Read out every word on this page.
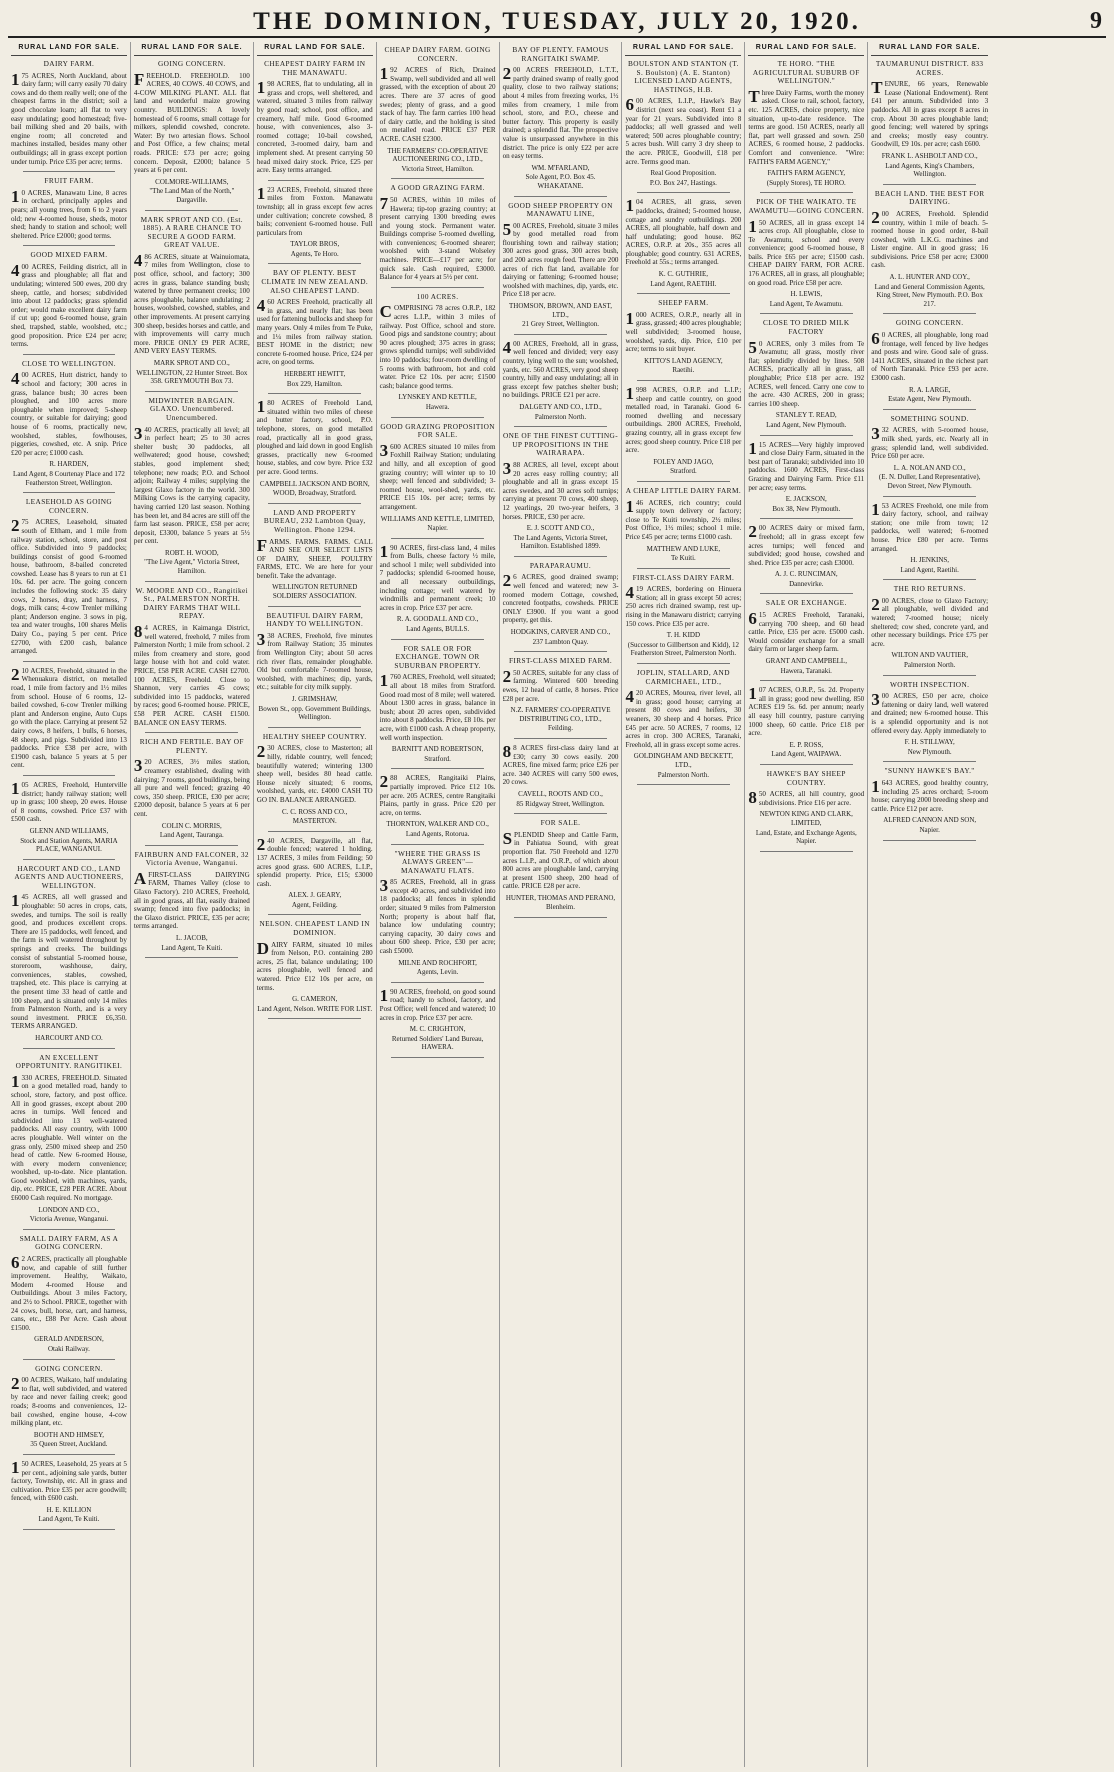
THE DOMINION, TUESDAY, JULY 20, 1920.	9
RURAL LAND FOR SALE.
DAIRY FARM.
175 ACRES, North Auckland, about dairy farm; will carry easily 70 dairy cows and do them really well; one of the cheapest farms in the district; soil a good chocolate loam; all flat to very easy undulating; good homestead; five-bail milking shed and 20 bails, with engine room; all concreted and machines installed, besides many other outbuildings; all in grass except portion under turnip. Price £35 per acre; terms.
FRUIT FARM.
10 ACRES, Manawatu Line, 8 acres in orchard, principally apples and pears; all young trees, from 6 to 2 years old; new 4-roomed house, sheds, motor shed; handy to station and school; well sheltered. Price £2000; good terms.
GOOD MIXED FARM.
400 ACRES, Feilding district, all in grass and ploughable; all flat and undulating; wintered 500 ewes, 200 dry sheep, cattle, and horses; subdivided into about 12 paddocks; grass splendid order; would make excellent dairy farm if cut up; good 6-roomed house, grain shed, trapshed, stable, woolshed, etc.; good proposition. Price £24 per acre; terms.
CLOSE TO WELLINGTON.
400 ACRES, Hutt district, handy to school and factory; 300 acres in grass, balance bush; 30 acres been ploughed, and 100 acres more ploughable when improved; 5-sheep country, or suitable for dairying; good house of 6 rooms, practically new, woolshed, stables, fowlhouses, piggeries, cowshed, etc. A snip. Price £20 per acre; £1000 cash.
R. HARDEN,
Land Agent, 8 Courtenay Place and 172 Featherston Street, Wellington.
LEASEHOLD AS GOING CONCERN.
275 ACRES, Leasehold, situated south of Eltham, and 1 mile from railway station, school, store, and post office. Subdivided into 9 paddocks; buildings consist of good 6-roomed house, bathroom, 8-bailed concreted cowshed. Lease has 8 years to run at £1 10s. 6d. per acre. The going concern includes the following stock: 35 dairy cows, 2 horses, dray, and harness, 7 dogs, milk cans; 4-cow Trenler milking plant; Anderson engine. 3 sows in pig, tea and water troughs, 100 shares Melis Dairy Co., paying 5 per cent. Price £2700, with £200 cash, balance arranged.
210 ACRES, Freehold, situated in the Whenuakura district, on metalled road, 1 mile from factory and 1½ miles from school. House of 6 rooms, 12-bailed cowshed, 6-cow Trenler milking plant and Anderson engine, Auto Cups go with the place. Carrying at present 52 dairy cows, 8 heifers, 1 bulls, 6 horses, 48 sheep, and pigs. Subdivided into 13 paddocks. Price £38 per acre, with £1900 cash, balance 5 years at 5 per cent.
105 ACRES, Freehold, Hunterville district; handy railway station; well up in grass; 100 sheep, 20 ewes. House of 8 rooms, cowshed. Price £37 with £500 cash.
GLENN AND WILLIAMS,
Stock and Station Agents, MARIA PLACE, WANGANUI.
HARCOURT AND CO., LAND AGENTS AND AUCTIONEERS, WELLINGTON.
145 ACRES, all well grassed and ploughable: 50 acres in crops, cats, swedes, and turnips. The soil is really good, and produces excellent crops. There are 15 paddocks, well fenced, and the farm is well watered throughout by springs and creeks. The buildings consist of substantial 5-roomed house, storeroom, washhouse, dairy, conveniences, stables, cowshed, trapshed, etc. This place is carrying at the present time 33 head of cattle and 100 sheep, and is situated only 14 miles from Palmerston North, and is a very sound investment. PRICE £6,350. TERMS ARRANGED.
HARCOURT AND CO.
AN EXCELLENT OPPORTUNITY. RANGITIKEI.
1330 ACRES, FREEHOLD. Situated on a good metalled road, handy to school, store, factory, and post office. All in good grasses, except about 200 acres in turnips. Well fenced and subdivided into 13 well-watered paddocks. All easy country, with 1000 acres ploughable. Well winter on the grass only, 2500 mixed sheep and 250 head of cattle. New 6-roomed House, with every modern convenience; woolshed, up-to-date. Nice plantation. Good woolshed, with machines, yards, dip, etc. PRICE, £28 PER ACRE. About £6000 Cash required. No mortgage.
LONDON AND CO.,
Victoria Avenue, Wanganui.
SMALL DAIRY FARM, AS A GOING CONCERN.
62 ACRES, practically all ploughable now, and capable of still further improvement. Healthy, Waikato, Modern 4-roomed House and Outbuildings. About 3 miles Factory, and 2½ to School. PRICE, together with 24 cows, bull, horse, cart, and harness, cans, etc., £88 Per Acre. Cash about £1500.
GERALD ANDERSON,
Otaki Railway.
GOING CONCERN.
200 ACRES, Waikato, half undulating to flat, well subdivided, and watered by race and never failing creek; good roads; 8-rooms and conveniences, 12-bail cowshed, engine house, 4-cow milking plant, etc.
BOOTH AND HIMSEY,
35 Queen Street, Auckland.
150 ACRES, Leasehold, 25 years at 5 per cent., adjoining sale yards, butter factory, Township, etc. All in grass and cultivation. Price £35 per acre goodwill; fenced, with £600 cash.
H. E. KILLION
Land Agent, Te Kuiti.
RURAL LAND FOR SALE.
GOING CONCERN.
FREEHOLD. FREEHOLD. 100 ACRES, 40 COWS. 40 COWS, and 4-COW MILKING PLANT. ALL flat land and wonderful maize growing country. BUILDINGS: A lovely homestead of 6 rooms, small cottage for milkers, splendid cowshed, concrete. Water: By two artesian flows. School and Post Office, a few chains; metal roads. PRICE: £73 per acre; going concern. Deposit, £2000; balance 5 years at 6 per cent.
COLMORE-WILLIAMS,
"The Land Man of the North," Dargaville.
MARK SPROT AND CO. (Est. 1885). A RARE CHANCE TO SECURE A GOOD FARM. GREAT VALUE.
486 ACRES, situate at Wainuiomata, 7 miles from Wellington, close to post office, school, and factory; 300 acres in grass, balance standing bush; watered by three permanent creeks; 100 acres ploughable, balance undulating; 2 houses, woolshed, cowshed, stables, and other improvements. At present carrying 300 sheep, besides horses and cattle, and with improvements will carry much more. PRICE ONLY £9 PER ACRE, AND VERY EASY TERMS.
MARK SPROT AND CO.,
WELLINGTON, 22 Hunter Street. Box 358. GREYMOUTH Box 73.
MIDWINTER BARGAIN. GLAXO. Unencumbered. Unencumbered.
340 ACRES, practically all level; all in perfect heart; 25 to 30 acres shelter bush; 30 paddocks, all wellwatered; good house, cowshed; stables, good implement shed; telephone; new roads; P.O. and School adjoin; Railway 4 miles; supplying the largest Glaxo factory in the world. 300 Milking Cows is the carrying capacity, having carried 120 last season. Nothing has been let, and 84 acres are still off the farm last season. PRICE, £58 per acre; deposit, £3300, balance 5 years at 5½ per cent.
ROBT. H. WOOD,
"The Live Agent," Victoria Street, Hamilton.
W. MOORE AND CO., Rangitikei St., PALMERSTON NORTH. DAIRY FARMS THAT WILL REPAY.
84 ACRES, in Kaimanga District, well watered, freehold, 7 miles from Palmerston North; 1 mile from school. 2 miles from creamery and store, good large house with hot and cold water. PRICE, £58 PER ACRE. CASH £2700. 100 ACRES, Freehold. Close to Shannon, very carries 45 cows; subdivided into 15 paddocks, watered by races; good 6-roomed house. PRICE, £58 PER ACRE. CASH £1500. BALANCE ON EASY TERMS.
RICH AND FERTILE. BAY OF PLENTY.
320 ACRES, 3½ miles station, creamery established, dealing with dairying; 7 rooms, good buildings, being all pure and well fenced; grazing 40 cows, 350 sheep. PRICE, £30 per acre; £2000 deposit, balance 5 years at 6 per cent.
COLIN C. MORRIS,
Land Agent, Tauranga.
FAIRBURN AND FALCONER, 32 Victoria Avenue, Wanganui.
AFIRST-CLASS DAIRYING FARM, Thames Valley (close to Glaxo Factory). 210 ACRES, Freehold, all in good grass, all flat, easily drained swamp; fenced into five paddocks; in the Glaxo district. PRICE, £35 per acre; terms arranged.
L. JACOB,
Land Agent, Te Kuiti.
RURAL LAND FOR SALE.
CHEAPEST DAIRY FARM IN THE MANAWATU.
198 ACRES, flat to undulating, all in grass and crops, well sheltered, and watered, situated 3 miles from railway by good road; school, post office, and creamery, half mile. Good 6-roomed house, with conveniences, also 3-roomed cottage; 10-bail cowshed, concreted, 3-roomed dairy, barn and implement shed. At present carrying 50 head mixed dairy stock. Price, £25 per acre. Easy terms arranged.
123 ACRES, Freehold, situated three miles from Foxton. Manawatu township; all in grass except few acres under cultivation; concrete cowshed, 8 bails; convenient 6-roomed house. Full particulars from
TAYLOR BROS,
Agents, Te Horo.
BAY OF PLENTY. BEST CLIMATE IN NEW ZEALAND. ALSO CHEAPEST LAND.
460 ACRES Freehold, practically all in grass, and nearly flat; has been used for fattening bullocks and sheep for many years. Only 4 miles from Te Puke, and 1¼ miles from railway station. BEST HOME in the district; new concrete 6-roomed house. Price, £24 per acre, on good terms.
HERBERT HEWITT,
Box 229, Hamilton.
180 ACRES of Freehold Land, situated within two miles of cheese and butter factory, school, P.O. telephone, stores, on good metalled road, practically all in good grass, ploughed and laid down in good English grasses, practically new 6-roomed house, stables, and cow byre. Price £32 per acre. Good terms.
CAMPBELL JACKSON AND BORN,
WOOD, Broadway, Stratford.
LAND AND PROPERTY BUREAU, 232 Lambton Quay, Wellington. Phone 1294.
FARMS. FARMS. FARMS. CALL AND SEE OUR SELECT LISTS OF DAIRY, SHEEP, POULTRY FARMS, ETC. We are here for your benefit. Take the advantage.
WELLINGTON RETURNED SOLDIERS' ASSOCIATION.
BEAUTIFUL DAIRY FARM, HANDY TO WELLINGTON.
338 ACRES, Freehold, five minutes from Railway Station; 35 minutes from Wellington City; about 50 acres rich river flats, remainder ploughable. Old but comfortable 7-roomed house, woolshed, with machines; dip, yards, etc.; suitable for city milk supply.
J. GRIMSHAW,
Bowen St., opp. Government Buildings, Wellington.
HEALTHY SHEEP COUNTRY.
230 ACRES, close to Masterton; all hilly, ridable country, well fenced; beautifully watered; wintering 1300 sheep well, besides 80 head cattle. House nicely situated; 6 rooms, woolshed, yards, etc. £4000 CASH TO GO IN. BALANCE ARRANGED.
C. C. ROSS AND CO.,
MASTERTON.
240 ACRES, Dargaville, all flat, double fenced; watered 1 holding. 137 ACRES, 3 miles from Feilding; 50 acres good grass. 600 ACRES, L.I.P., splendid property. Price, £15; £3000 cash.
ALEX. J. GEARY,
Agent, Feilding.
NELSON. CHEAPEST LAND IN DOMINION.
DAIRY FARM, situated 10 miles from Nelson, P.O. containing 280 acres, 25 flat, balance undulating; 100 acres ploughable, well fenced and watered. Price £12 10s per acre, on terms.
G. CAMERON,
Land Agent, Nelson. WRITE FOR LIST.
CHEAP DAIRY FARM. GOING CONCERN.
192 ACRES of Rich, Drained Swamp, well subdivided and all well grassed, with the exception of about 20 acres. There are 37 acres of good swedes; plenty of grass, and a good stack of hay. The farm carries 100 head of dairy cattle, and the holding is sited on metalled road. PRICE £37 PER ACRE. CASH £2300.
THE FARMERS' CO-OPERATIVE AUCTIONEERING CO., LTD.,
Victoria Street, Hamilton.
A GOOD GRAZING FARM.
750 ACRES, within 10 miles of Hawera; tip-top grazing country; at present carrying 1300 breeding ewes and young stock. Permanent water. Buildings comprise 5-roomed dwelling, with conveniences; 6-roomed shearer; woolshed with 3-stand Wolseley machines. PRICE—£17 per acre; for quick sale. Cash required, £3000. Balance for 4 years at 5½ per cent.
100 ACRES.
COMPRISING 78 acres O.R.P., 182 acres L.I.P., within 3 miles of railway. Post Office, school and store. Good pigs and sandstone country; about 90 acres ploughed; 375 acres in grass; grows splendid turnips; well subdivided into 10 paddocks; four-room dwelling of 5 rooms with bathroom, hot and cold water. Price £2 10s. per acre; £1500 cash; balance good terms.
LYNSKEY AND KETTLE,
Hawera.
GOOD GRAZING PROPOSITION FOR SALE.
3600 ACRES situated 10 miles from Foxhill Railway Station; undulating and hilly, and all exception of good grazing country; will winter up to 10 sheep; well fenced and subdivided; 3-roomed house, wool-shed, yards, etc. PRICE £15 10s. per acre; terms by arrangement.
WILLIAMS AND KETTLE, LIMITED,
Napier.
190 ACRES, first-class land, 4 miles from Bulls, cheese factory ½ mile, and school 1 mile; well subdivided into 7 paddocks; splendid 6-roomed house, and all necessary outbuildings, including cottage; well watered by windmills and permanent creek; 10 acres in crop. Price £37 per acre.
R. A. GOODALL AND CO.,
Land Agents, BULLS.
FOR SALE OR FOR EXCHANGE. TOWN OR SUBURBAN PROPERTY.
1760 ACRES, Freehold, well situated; all about 18 miles from Stratford. Good road most of 8 mile; well watered. About 1300 acres in grass, balance in bush; about 20 acres open, subdivided into about 8 paddocks. Price, £8 10s. per acre, with £1000 cash. A cheap property, well worth inspection.
BARNITT AND ROBERTSON,
Stratford.
288 ACRES, Rangitaiki Plains, partially improved. Price £12 10s. per acre. 205 ACRES, centre Rangitaiki Plains, partly in grass. Price £20 per acre, on terms.
THORNTON, WALKER AND CO.,
Land Agents, Rotorua.
"WHERE THE GRASS IS ALWAYS GREEN"—MANAWATU FLATS.
385 ACRES, Freehold, all in grass except 40 acres, and subdivided into 18 paddocks; all fences in splendid order; situated 9 miles from Palmerston North; property is about half flat, balance low undulating country; carrying capacity, 30 dairy cows and about 600 sheep. Price, £30 per acre; cash £5000.
MILNE AND ROCHFORT,
Agents, Levin.
190 ACRES, freehold, on good sound road; handy to school, factory, and Post Office; well fenced and watered; 10 acres in crop. Price £37 per acre.
M. C. CRIGHTON,
Returned Soldiers' Land Bureau, HAWERA.
BAY OF PLENTY. FAMOUS RANGITAIKI SWAMP.
200 ACRES FREEHOLD, L.T.T., partly drained swamp of really good quality, close to two railway stations; about 4 miles from freezing works, 1½ miles from creamery, 1 mile from school, store, and P.O., cheese and butter factory. This property is easily drained; a splendid flat. The prospective value is unsurpassed anywhere in this district. The price is only £22 per acre on easy terms.
WM. M'FARLAND,
Sole Agent, P.O. Box 45. WHAKATANE.
GOOD SHEEP PROPERTY ON MANAWATU LINE,
500 ACRES, Freehold, situate 3 miles by good metalled road from flourishing town and railway station; 300 acres good grass, 300 acres bush, and 200 acres rough feed. There are 200 acres of rich flat land, available for dairying or fattening; 6-roomed house; woolshed with machines, dip, yards, etc. Price £18 per acre.
THOMSON, BROWN, AND EAST, LTD.,
21 Grey Street, Wellington.
400 ACRES, Freehold, all in grass, well fenced and divided; very easy country, lying well to the sun; woolshed, yards, etc. 560 ACRES, very good sheep country, hilly and easy undulating; all in grass except few patches shelter bush; no buildings. PRICE £21 per acre.
DALGETY AND CO., LTD.,
Palmerston North.
ONE OF THE FINEST CUTTING-UP PROPOSITIONS IN THE WAIRARAPA.
388 ACRES, all level, except about 20 acres easy rolling country; all ploughable and all in grass except 15 acres swedes, and 30 acres soft turnips; carrying at present 70 cows, 400 sheep, 12 yearlings, 20 two-year heifers, 3 horses. PRICE, £30 per acre.
E. J. SCOTT AND CO.,
The Land Agents, Victoria Street, Hamilton. Established 1899.
PARAPARAUMU.
26 ACRES, good drained swamp; well fenced and watered; new 3-roomed modern Cottage, cowshed, concreted footpaths, cowsheds. PRICE ONLY £3900. If you want a good property, get this.
HODGKINS, CARVER AND CO.,
237 Lambton Quay.
FIRST-CLASS MIXED FARM.
250 ACRES, suitable for any class of farming. Wintered 600 breeding ewes, 12 head of cattle, 8 horses. Price £28 per acre.
N.Z. FARMERS' CO-OPERATIVE DISTRIBUTING CO., LTD.,
Feilding.
88 ACRES first-class dairy land at £30; carry 30 cows easily. 200 ACRES, fine mixed farm; price £26 per acre. 340 ACRES will carry 500 ewes, 20 cows.
CAVELL, ROOTS AND CO.,
85 Ridgway Street, Wellington.
FOR SALE.
SPLENDID Sheep and Cattle Farm, in Pahiatua Sound, with great proportion flat. 750 Freehold and 1270 acres L.I.P., and O.R.P., of which about 800 acres are ploughable land, carrying at present 1500 sheep, 200 head of cattle. PRICE £28 per acre.
HUNTER, THOMAS AND PERANO,
Blenheim.
RURAL LAND FOR SALE.
BOULSTON AND STANTON (T. S. Boulston) (A. E. Stanton) LICENSED LAND AGENTS, HASTINGS, H.B.
600 ACRES, L.I.P., Hawke's Bay district (next sea coast). Rent £1 a year for 21 years. Subdivided into 8 paddocks; all well grassed and well watered; 500 acres ploughable country; 5 acres bush. Will carry 3 dry sheep to the acre. PRICE, Goodwill, £18 per acre. Terms good man.
Real Good Proposition.
P.O. Box 247, Hastings.
104 ACRES, all grass, seven paddocks, drained; 5-roomed house, cottage and sundry outbuildings. 200 ACRES, all ploughable, half down and half undulating; good house. 862 ACRES, O.R.P. at 20s., 355 acres all ploughable; good country. 631 ACRES, Freehold at 55s.; terms arranged.
K. C. GUTHRIE,
Land Agent, RAETIHI.
SHEEP FARM.
1000 ACRES, O.R.P., nearly all in grass, grassed; 400 acres ploughable; well subdivided; 3-roomed house, woolshed, yards, dip. Price, £10 per acre; terms to suit buyer.
KITTO'S LAND AGENCY,
Raetihi.
1998 ACRES, O.R.P. and L.I.P.; sheep and cattle country, on good metalled road, in Taranaki. Good 6-roomed dwelling and necessary outbuildings. 2800 ACRES, Freehold, grazing country, all in grass except few acres; good sheep country. Price £18 per acre.
FOLEY AND JAGO,
Stratford.
A CHEAP LITTLE DAIRY FARM.
146 ACRES, rich country; could supply town delivery or factory; close to Te Kuiti township, 2½ miles; Post Office, 1½ miles; school 1 mile. Price £45 per acre; terms £1000 cash.
MATTHEW AND LUKE,
Te Kuiti.
FIRST-CLASS DAIRY FARM.
419 ACRES, bordering on Hinuera Station; all in grass except 50 acres; 250 acres rich drained swamp, rest up-rising in the Manawaru district; carrying 150 cows. Price £35 per acre.
T. H. KIDD
(Successor to Gillbertson and Kidd), 12 Featherston Street, Palmerston North.
JOPLIN, STALLARD, AND CARMICHAEL, LTD.,
420 ACRES, Mourea, river level, all in grass; good house; carrying at present 80 cows and heifers, 30 weaners, 30 sheep and 4 horses. Price £45 per acre. 50 ACRES, 7 rooms, 12 acres in crop. 300 ACRES, Taranaki, Freehold, all in grass except some acres.
GOLDINGHAM AND BECKETT, LTD.,
Palmerston North.
RURAL LAND FOR SALE.
TE HORO. "THE AGRICULTURAL SUBURB OF WELLINGTON."
Three Dairy Farms, worth the money asked. Close to rail, school, factory, etc. 125 ACRES, choice property, nice situation, up-to-date residence. The terms are good. 150 ACRES, nearly all flat, part well grassed and sown. 250 ACRES, 6 roomed house, 2 paddocks. Comfort and convenience. "Wire: FAITH'S FARM AGENCY,"
FAITH'S FARM AGENCY,
(Supply Stores), TE HORO.
PICK OF THE WAIKATO. TE AWAMUTU—GOING CONCERN.
150 ACRES, all in grass except 14 acres crop. All ploughable, close to Te Awamutu, school and every convenience; good 6-roomed house, 8 bails. Price £65 per acre; £1500 cash. CHEAP DAIRY FARM, FOR ACRE. 176 ACRES, all in grass, all ploughable; on good road. Price £58 per acre.
H. LEWIS,
Land Agent, Te Awamutu.
CLOSE TO DRIED MILK FACTORY
50 ACRES, only 3 miles from Te Awamutu; all grass, mostly river flat; splendidly divided by lines. 508 ACRES, practically all in grass, all ploughable; Price £18 per acre. 192 ACRES, well fenced. Carry one cow to the acre. 430 ACRES, 200 in grass; carries 100 sheep.
STANLEY T. READ,
Land Agent, New Plymouth.
115 ACRES—Very highly improved and close Dairy Farm, situated in the best part of Taranaki; subdivided into 10 paddocks. 1600 ACRES, First-class Grazing and Dairying Farm. Price £11 per acre; easy terms.
E. JACKSON,
Box 38, New Plymouth.
200 ACRES dairy or mixed farm, freehold; all in grass except few acres turnips; well fenced and subdivided; good house, cowshed and shed. Price £35 per acre; cash £3000.
A. J. C. RUNCIMAN,
Dannevirke.
SALE OR EXCHANGE.
615 ACRES Freehold, Taranaki, carrying 700 sheep, and 60 head cattle. Price, £35 per acre. £5000 cash. Would consider exchange for a small dairy farm or larger sheep farm.
GRANT AND CAMPBELL,
Hawera, Taranaki.
107 ACRES, O.R.P., 5s. 2d. Property all in grass; good new dwelling. 850 ACRES £19 5s. 6d. per annum; nearly all easy hill country, pasture carrying 1000 sheep, 60 cattle. Price £18 per acre.
E. P. ROSS,
Land Agent, WAIPAWA.
HAWKE'S BAY SHEEP COUNTRY.
850 ACRES, all hill country, good subdivisions. Price £16 per acre.
NEWTON KING AND CLARK, LIMITED,
Land, Estate, and Exchange Agents, Napier.
RURAL LAND FOR SALE.
TAUMARUNUI DISTRICT. 833 ACRES.
TENURE, 66 years, Renewable Lease (National Endowment). Rent £41 per annum. Subdivided into 3 paddocks. All in grass except 8 acres in crop. About 30 acres ploughable land; good fencing; well watered by springs and creeks; mostly easy country. Goodwill, £9 10s. per acre; cash £600.
FRANK L. ASHBOLT AND CO.,
Land Agents, King's Chambers, Wellington.
BEACH LAND. THE BEST FOR DAIRYING.
200 ACRES, Freehold. Splendid country, within 1 mile of beach. 5-roomed house in good order, 8-bail cowshed, with L.K.G. machines and Lister engine. All in good grass; 16 subdivisions. Price £58 per acre; £3000 cash.
A. L. HUNTER AND COY.,
Land and General Commission Agents, King Street, New Plymouth. P.O. Box 217.
GOING CONCERN.
60 ACRES, all ploughable, long road frontage, well fenced by live hedges and posts and wire. Good sale of grass. 1411 ACRES, situated in the richest part of North Taranaki. Price £93 per acre. £3000 cash.
R. A. LARGE,
Estate Agent, New Plymouth.
SOMETHING SOUND.
332 ACRES, with 5-roomed house, milk shed, yards, etc. Nearly all in grass; splendid land, well subdivided. Price £60 per acre.
L. A. NOLAN AND CO.,
(E. N. Duller, Land Representative), Devon Street, New Plymouth.
153 ACRES Freehold, one mile from dairy factory, school, and railway station; one mile from town; 12 paddocks, well watered; 6-roomed house. Price £80 per acre. Terms arranged.
H. JENKINS,
Land Agent, Raetihi.
THE RIO RETURNS.
200 ACRES, close to Glaxo Factory; all ploughable, well divided and watered; 7-roomed house; nicely sheltered; cow shed, concrete yard, and other necessary buildings. Price £75 per acre.
WILTON AND VAUTIER,
Palmerston North.
WORTH INSPECTION.
300 ACRES, £50 per acre, choice fattening or dairy land, well watered and drained; new 6-roomed house. This is a splendid opportunity and is not offered every day. Apply immediately to
F. H. STILLWAY,
New Plymouth.
"SUNNY HAWKE'S BAY."
1643 ACRES, good healthy country, including 25 acres orchard; 5-room house; carrying 2000 breeding sheep and cattle. Price £12 per acre.
ALFRED CANNON AND SON,
Napier.
